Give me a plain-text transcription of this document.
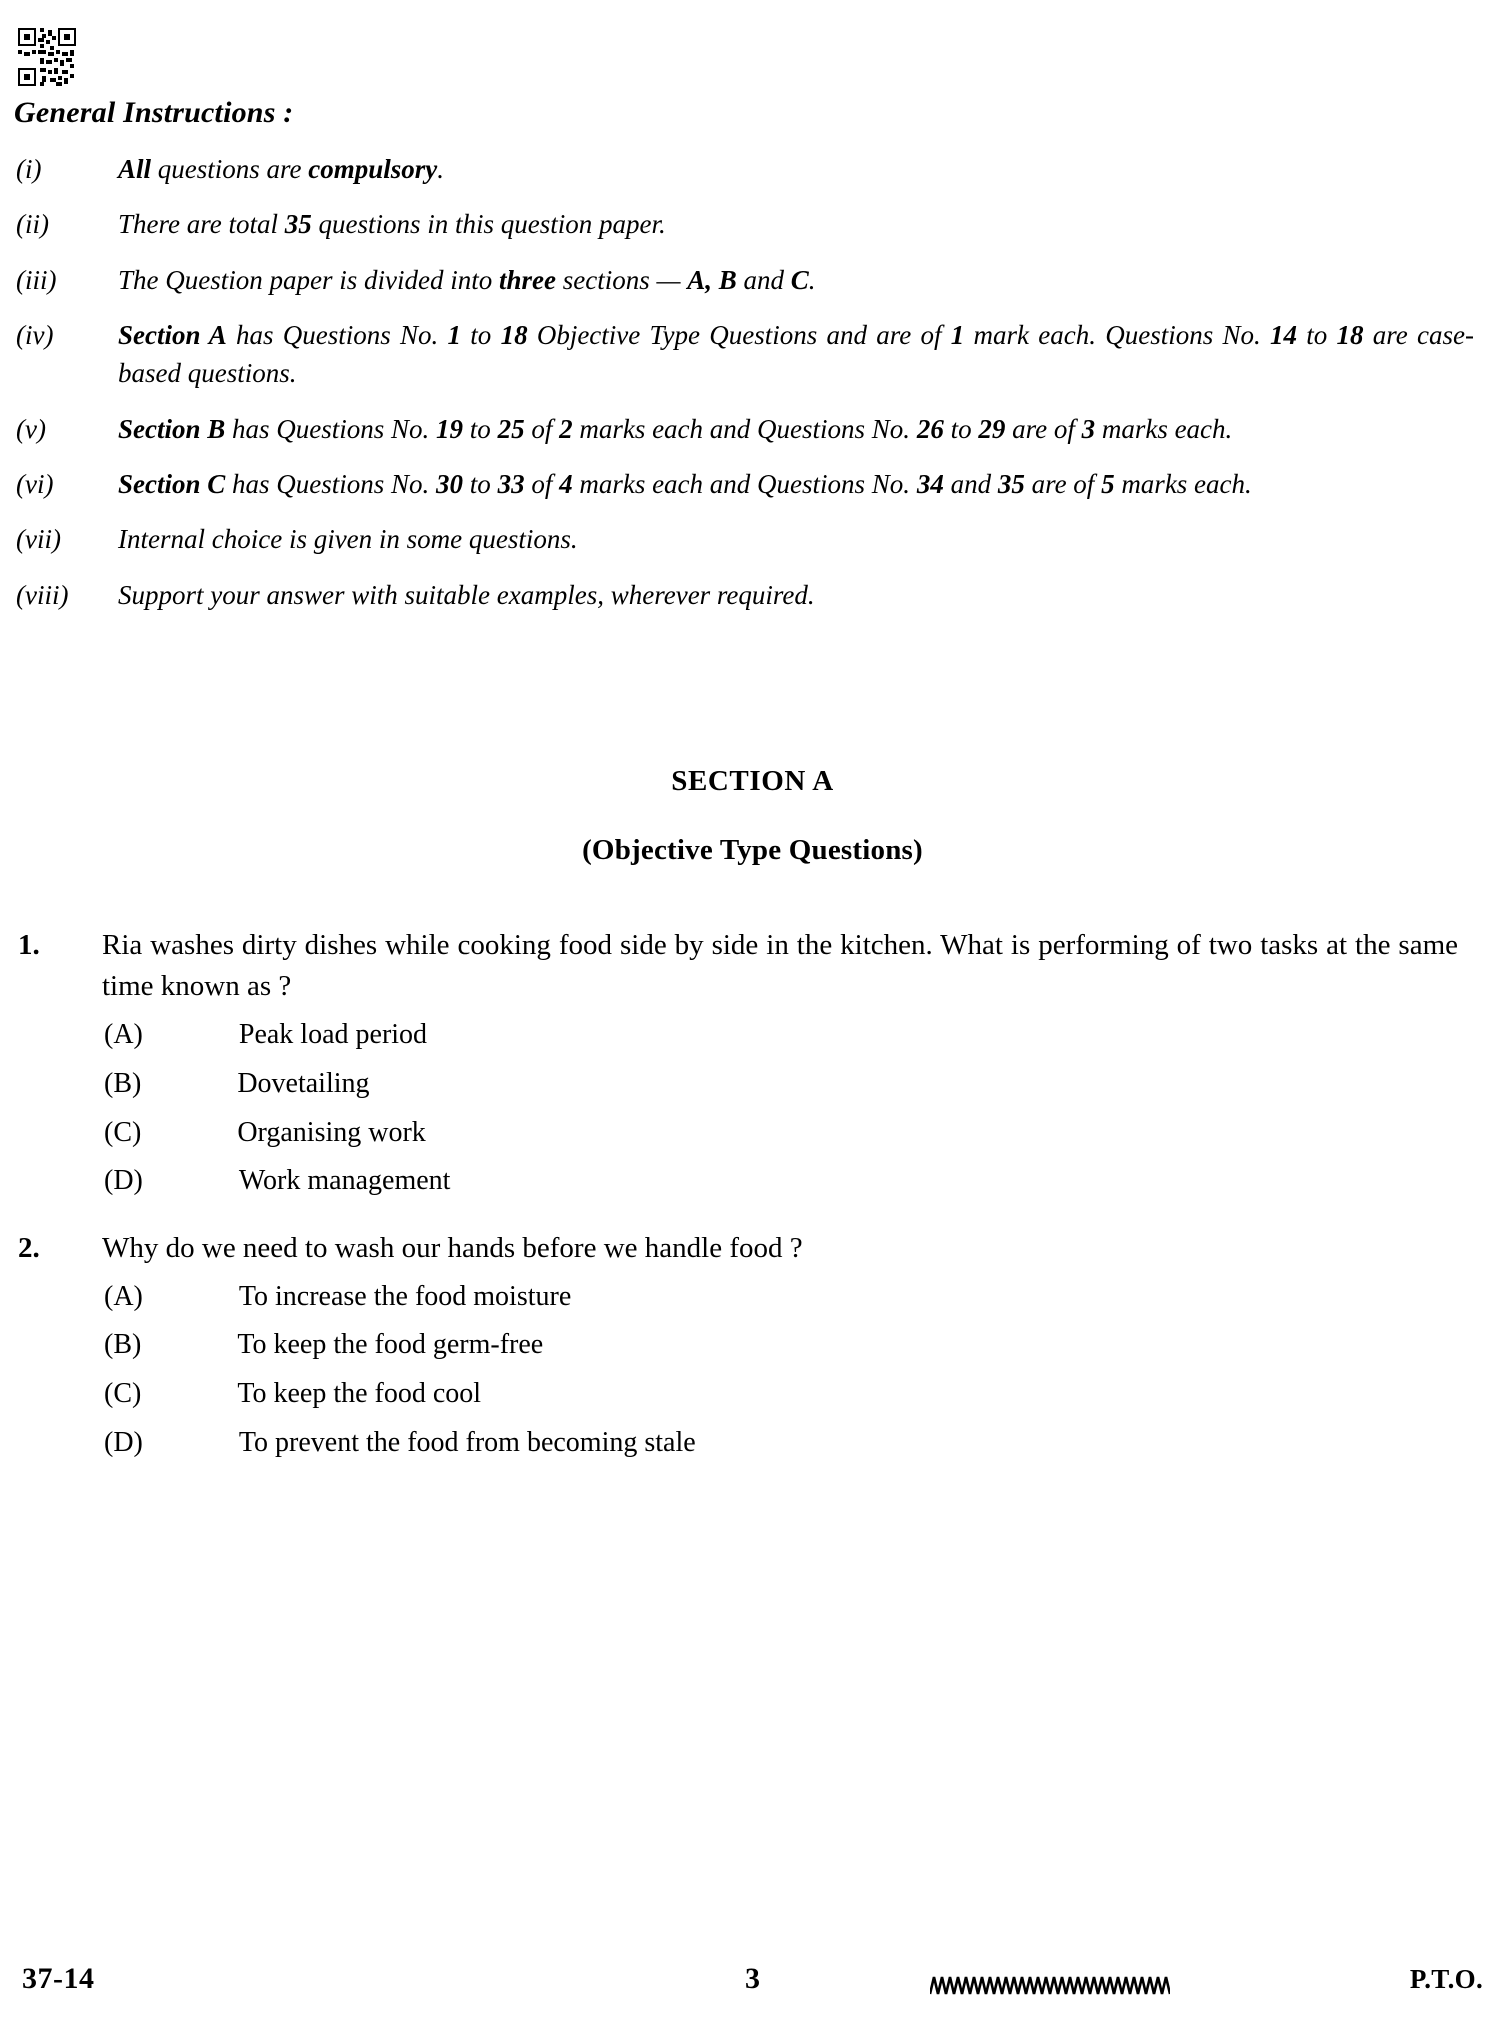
General Instructions :
(i)	All questions are compulsory.
(ii)	There are total 35 questions in this question paper.
(iii)	The Question paper is divided into three sections — A, B and C.
(iv)	Section A has Questions No. 1 to 18 Objective Type Questions and are of 1 mark each. Questions No. 14 to 18 are case-based questions.
(v)	Section B has Questions No. 19 to 25 of 2 marks each and Questions No. 26 to 29 are of 3 marks each.
(vi)	Section C has Questions No. 30 to 33 of 4 marks each and Questions No. 34 and 35 are of 5 marks each.
(vii)	Internal choice is given in some questions.
(viii)	Support your answer with suitable examples, wherever required.
SECTION A
(Objective Type Questions)
1.	Ria washes dirty dishes while cooking food side by side in the kitchen. What is performing of two tasks at the same time known as ?
(A)	Peak load period
(B)	Dovetailing
(C)	Organising work
(D)	Work management
2.	Why do we need to wash our hands before we handle food ?
(A)	To increase the food moisture
(B)	To keep the food germ-free
(C)	To keep the food cool
(D)	To prevent the food from becoming stale
37-14	3	P.T.O.
